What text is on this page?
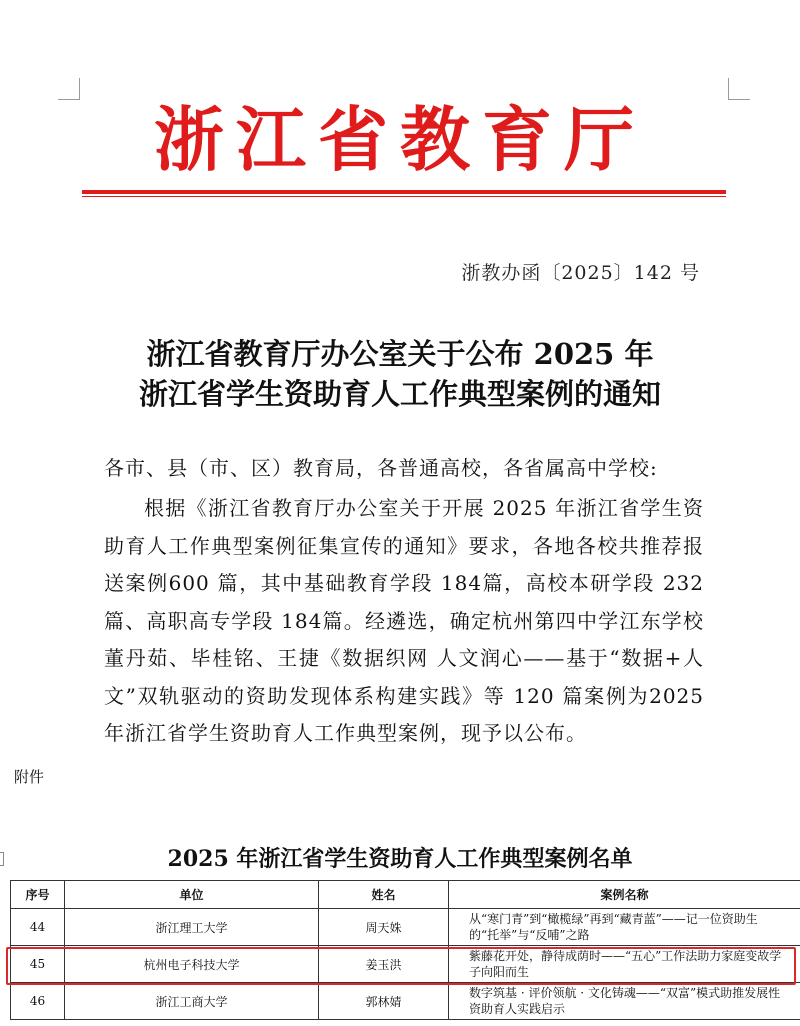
浙江省教育厅
浙教办函〔2025〕142 号
浙江省教育厅办公室关于公布 2025 年
浙江省学生资助育人工作典型案例的通知
各市、县（市、区）教育局，各普通高校，各省属高中学校:
根据《浙江省教育厅办公室关于开展 2025 年浙江省学生资助育人工作典型案例征集宣传的通知》要求，各地各校共推荐报送案例600 篇，其中基础教育学段 184篇，高校本研学段 232 篇、高职高专学段 184篇。经遴选，确定杭州第四中学江东学校董丹茹、毕桂铭、王捷《数据织网 人文润心——基于“数据+人文”双轨驱动的资助发现体系构建实践》等 120 篇案例为2025 年浙江省学生资助育人工作典型案例，现予以公布。
附件
2025 年浙江省学生资助育人工作典型案例名单
序号	单位	姓名	案例名称
44	浙江理工大学	周天姝	从“寒门青”到“橄榄绿”再到“藏青蓝”——记一位资助生的“托举”与“反哺”之路
45	杭州电子科技大学	姜玉洪	紫藤花开处，静待成荫时——“五心”工作法助力家庭变故学子向阳而生
46	浙江工商大学	郭林婧	数字筑基 · 评价领航 · 文化铸魂——“双富”模式助推发展性资助育人实践启示
